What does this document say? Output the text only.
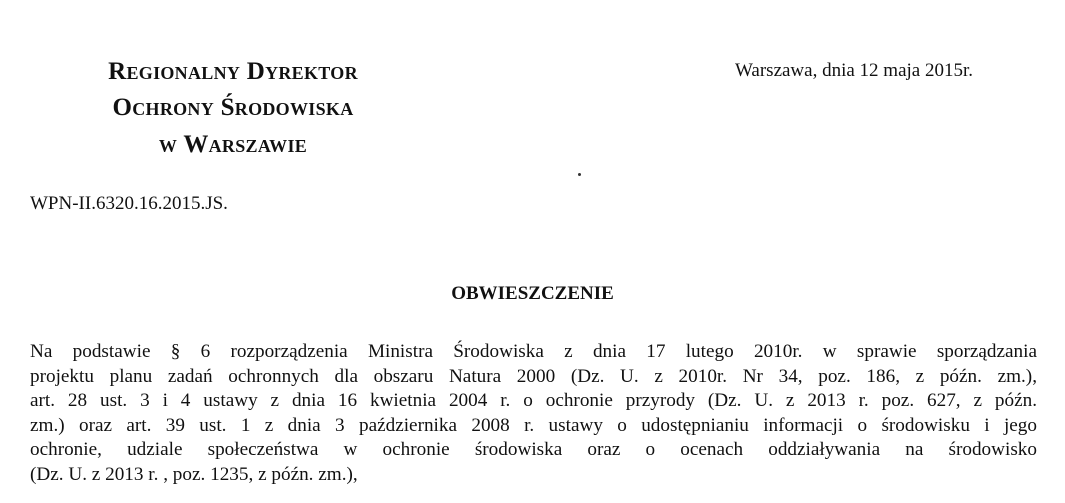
Regionalny Dyrektor
Ochrony Środowiska
w Warszawie
Warszawa, dnia 12 maja 2015r.
WPN-II.6320.16.2015.JS.
OBWIESZCZENIE
Na podstawie § 6 rozporządzenia Ministra Środowiska z dnia 17 lutego 2010r. w sprawie sporządzania
projektu planu zadań ochronnych dla obszaru Natura 2000 (Dz. U. z 2010r. Nr 34, poz. 186, z późn. zm.),
art. 28 ust. 3 i 4 ustawy z dnia 16 kwietnia 2004 r. o ochronie przyrody (Dz. U. z 2013 r. poz. 627, z późn.
zm.) oraz art. 39 ust. 1 z dnia 3 października 2008 r. ustawy o udostępnianiu informacji o środowisku i jego
ochronie, udziale społeczeństwa w ochronie środowiska oraz o ocenach oddziaływania na środowisko
(Dz. U. z 2013 r. , poz. 1235, z późn. zm.),
